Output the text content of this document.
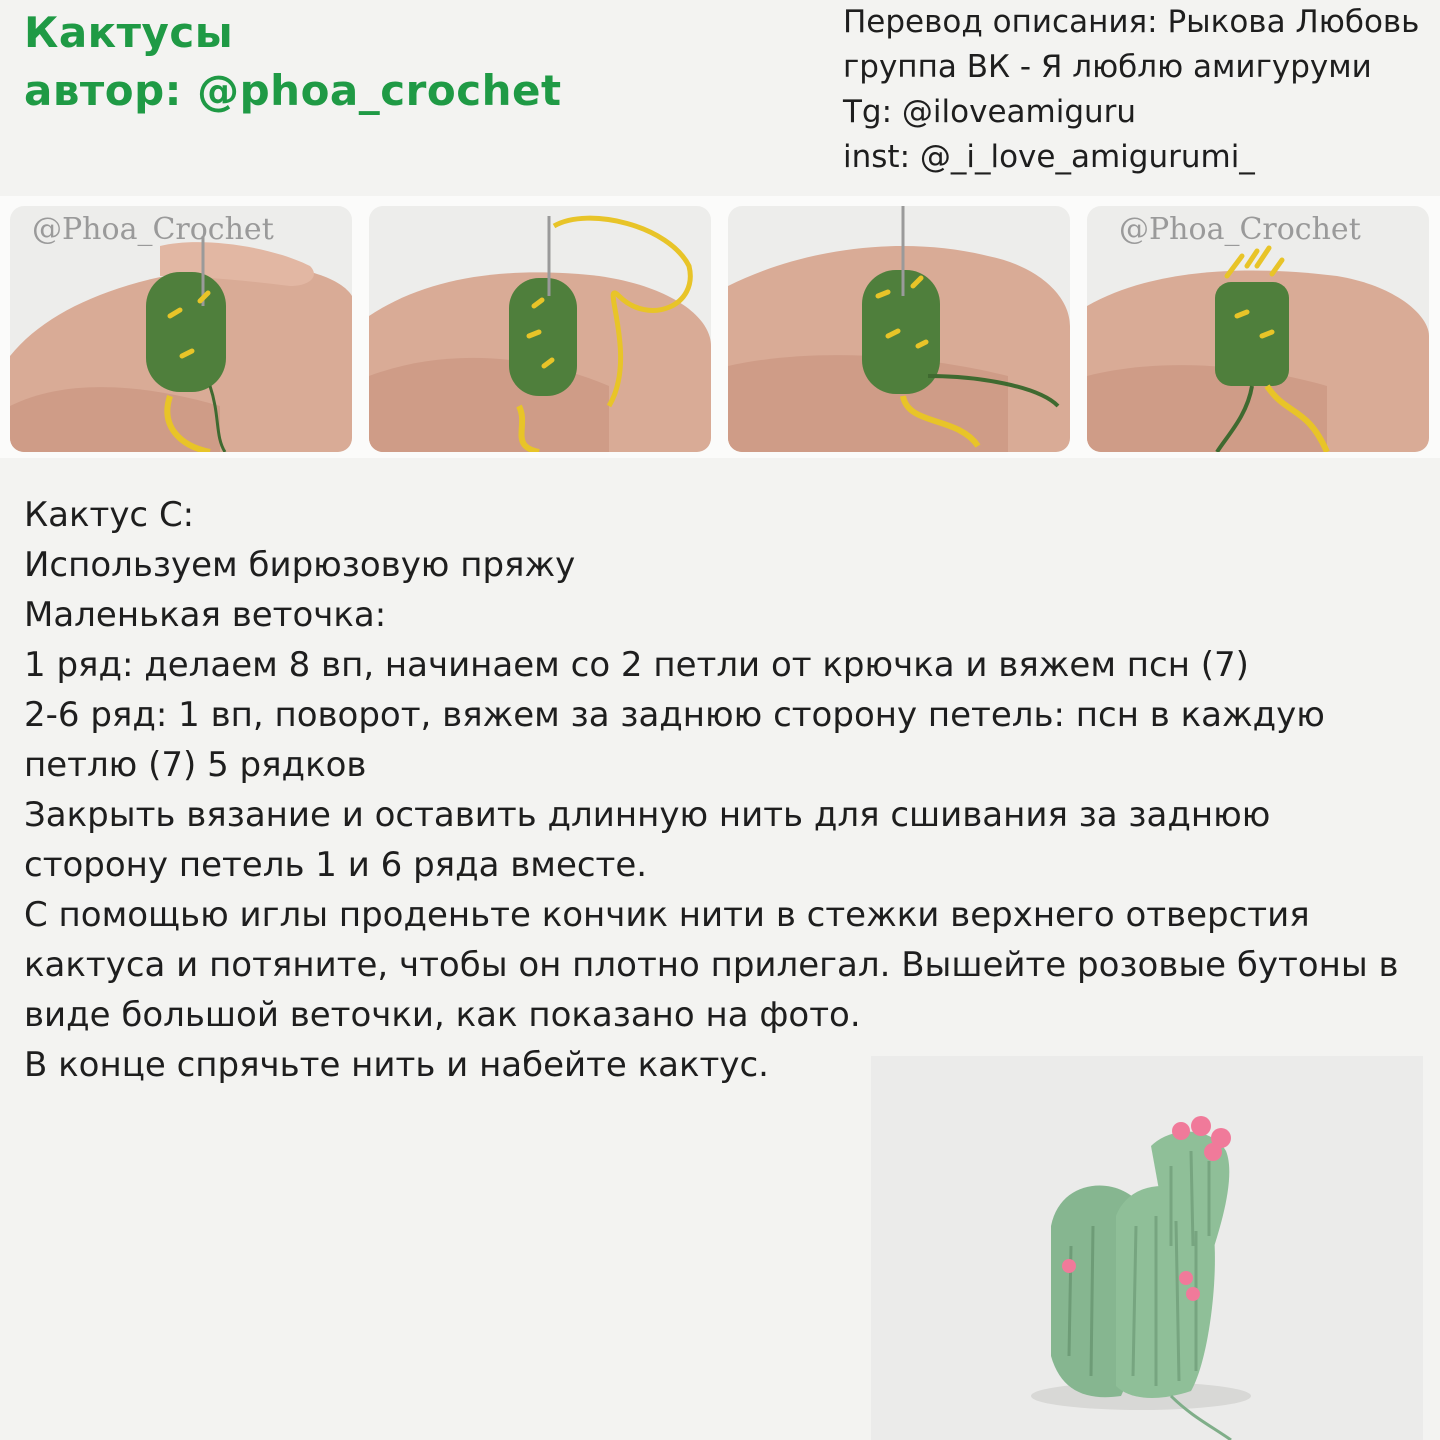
Кактусы
автор: @phoa_crochet
Перевод описания: Рыкова Любовь
группа ВК - Я люблю амигуруми
Tg: @iloveamiguru
inst: @_i_love_amigurumi_
@Phoa_Crochet	@Phoa_Crochet
Кактус С:
Используем бирюзовую пряжу
Маленькая веточка:
1 ряд: делаем 8 вп, начинаем со 2 петли от крючка и вяжем псн (7)
2-6 ряд: 1 вп, поворот, вяжем за заднюю сторону петель: псн в каждую
петлю (7) 5 рядков
Закрыть вязание и оставить длинную нить для сшивания за заднюю
сторону петель 1 и 6 ряда вместе.
С помощью иглы проденьте кончик нити в стежки верхнего отверстия
кактуса и потяните, чтобы он плотно прилегал. Вышейте розовые бутоны в
виде большой веточки, как показано на фото.
В конце спрячьте нить и набейте кактус.
